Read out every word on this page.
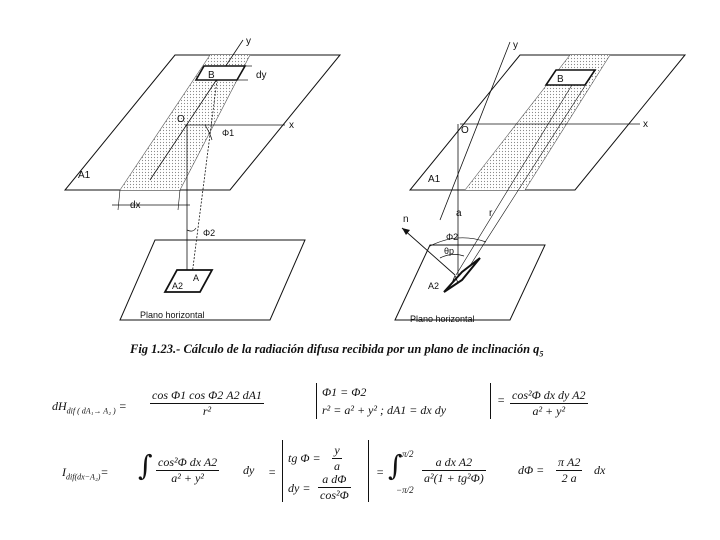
y
x
dy
B
O
Φ1
A1
dx
Φ2
A
A2
Plano horizontal
y
x
B
O
A1
a	r
n
Φ2
θp
A2
A
Plano horizontal
Fig 1.23.- Cálculo de la radiación difusa recibida por un plano de inclinación $q_5$
$dH_{dif ( dA_1\to A_2 )} = \frac{\text{cos Φ1 cos Φ2 A2 dA1}}{\text{r²}}$	Φ1 = Φ2
r² = a² + y² ; dA1 = dx dy
= $\frac{\text{cos²Φ dx dy A2}}{\text{a² + y²}}$
$I_{dif(dx-A_2)}=$ ∫ $\frac{\text{cos²Φ dx A2}}{\text{a² + y²}}$ dy =
tg $\Phi = \frac{y}{a}$
dy = $\frac{\text{a dΦ}}{\text{cos²Φ}}$ =
π/2
∫
−π/2
$\frac{\text{a dx A2}}{\text{a²(1 + tg²Φ)}}$	$d\Phi = \frac{\text{π A2}}{2 a}$ dx
